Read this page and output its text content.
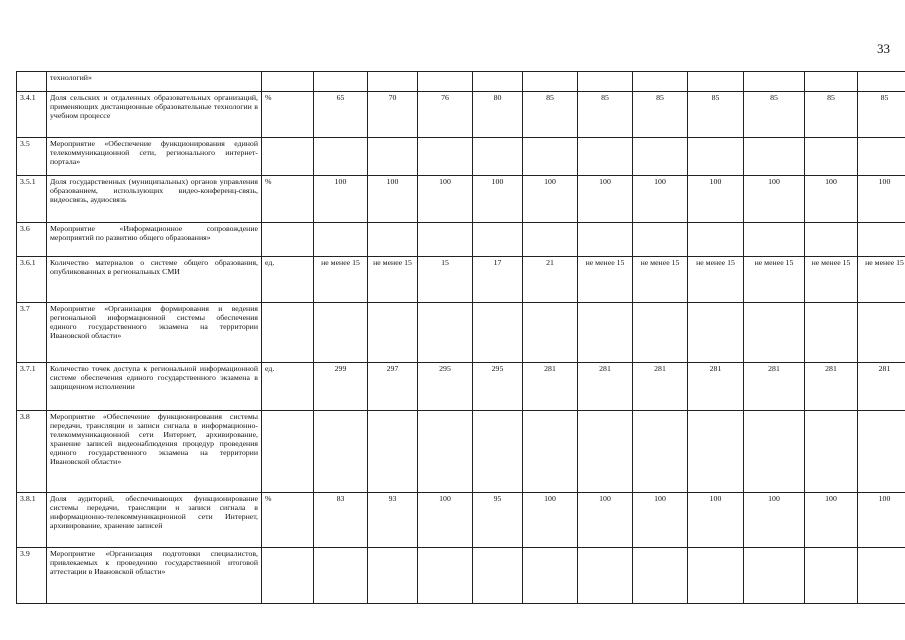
33
	технологий»												
3.4.1	Доля сельских и отдаленных образовательных организаций, применяющих дистанционные образовательные технологии в учебном процессе	%	65	70	76	80	85	85	85	85	85	85	85
3.5	Мероприятие «Обеспечение функционирования единой телекоммуникационной сети, регионального интернет-портала»												
3.5.1	Доля государственных (муниципальных) органов управления образованием, использующих видео-конференц-связь, видеосвязь, аудиосвязь	%	100	100	100	100	100	100	100	100	100	100	100
3.6	Мероприятие «Информационное сопровождение мероприятий по развитию общего образования»												
3.6.1	Количество материалов о системе общего образования, опубликованных в региональных СМИ	ед.	не менее 15	не менее 15	15	17	21	не менее 15	не менее 15	не менее 15	не менее 15	не менее 15	не менее 15
3.7	Мероприятие «Организация формирования и ведения региональной информационной системы обеспечения единого государственного экзамена на территории Ивановской области»												
3.7.1	Количество точек доступа к региональной информационной системе обеспечения единого государственного экзамена в защищенном исполнении	ед.	299	297	295	295	281	281	281	281	281	281	281
3.8	Мероприятие «Обеспечение функционирования системы передачи, трансляции и записи сигнала в информационно-телекоммуникационной сети Интернет, архивирование, хранение записей видеонаблюдения процедур проведения единого государственного экзамена на территории Ивановской области»												
3.8.1	Доля аудиторий, обеспечивающих функционирование системы передачи, трансляции и записи сигнала в информационно-телекоммуникационной сети Интернет, архивирование, хранение записей	%	83	93	100	95	100	100	100	100	100	100	100
3.9	Мероприятие «Организация подготовки специалистов, привлекаемых к проведению государственной итоговой аттестации в Ивановской области»												
